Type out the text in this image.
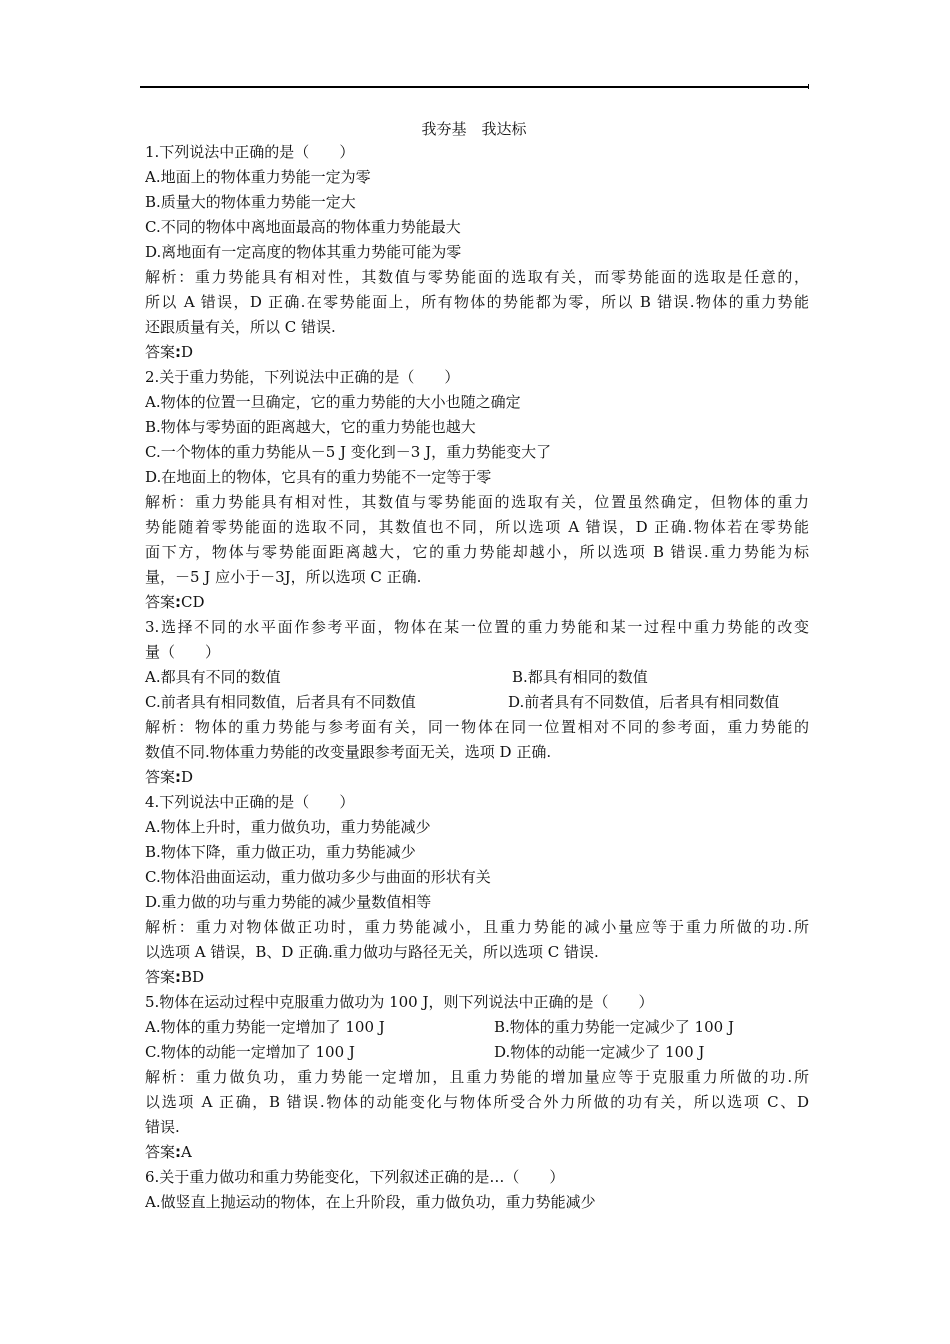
我夯基　我达标
1.下列说法中正确的是（　　）
A.地面上的物体重力势能一定为零
B.质量大的物体重力势能一定大
C.不同的物体中离地面最高的物体重力势能最大
D.离地面有一定高度的物体其重力势能可能为零
解析：重力势能具有相对性，其数值与零势能面的选取有关，而零势能面的选取是任意的，
所以 A 错误，D 正确.在零势能面上，所有物体的势能都为零，所以 B 错误.物体的重力势能
还跟质量有关，所以 C 错误.
答案:D
2.关于重力势能，下列说法中正确的是（　　）
A.物体的位置一旦确定，它的重力势能的大小也随之确定
B.物体与零势面的距离越大，它的重力势能也越大
C.一个物体的重力势能从－5 J 变化到－3 J，重力势能变大了
D.在地面上的物体，它具有的重力势能不一定等于零
解析：重力势能具有相对性，其数值与零势能面的选取有关，位置虽然确定，但物体的重力
势能随着零势能面的选取不同，其数值也不同，所以选项 A 错误，D 正确.物体若在零势能
面下方，物体与零势能面距离越大，它的重力势能却越小，所以选项 B 错误.重力势能为标
量，－5 J 应小于－3J，所以选项 C 正确.
答案:CD
3.选择不同的水平面作参考平面，物体在某一位置的重力势能和某一过程中重力势能的改变
量（　　）
A.都具有不同的数值	B.都具有相同的数值
C.前者具有相同数值，后者具有不同数值	D.前者具有不同数值，后者具有相同数值
解析：物体的重力势能与参考面有关，同一物体在同一位置相对不同的参考面，重力势能的
数值不同.物体重力势能的改变量跟参考面无关，选项 D 正确.
答案:D
4.下列说法中正确的是（　　）
A.物体上升时，重力做负功，重力势能减少
B.物体下降，重力做正功，重力势能减少
C.物体沿曲面运动，重力做功多少与曲面的形状有关
D.重力做的功与重力势能的减少量数值相等
解析：重力对物体做正功时，重力势能减小，且重力势能的减小量应等于重力所做的功.所
以选项 A 错误，B、D 正确.重力做功与路径无关，所以选项 C 错误.
答案:BD
5.物体在运动过程中克服重力做功为 100 J，则下列说法中正确的是（　　）
A.物体的重力势能一定增加了 100 J	B.物体的重力势能一定减少了 100 J
C.物体的动能一定增加了 100 J	D.物体的动能一定减少了 100 J
解析：重力做负功，重力势能一定增加，且重力势能的增加量应等于克服重力所做的功.所
以选项 A 正确，B 错误.物体的动能变化与物体所受合外力所做的功有关，所以选项 C、D
错误.
答案:A
6.关于重力做功和重力势能变化，下列叙述正确的是…（　　）
A.做竖直上抛运动的物体，在上升阶段，重力做负功，重力势能减少
